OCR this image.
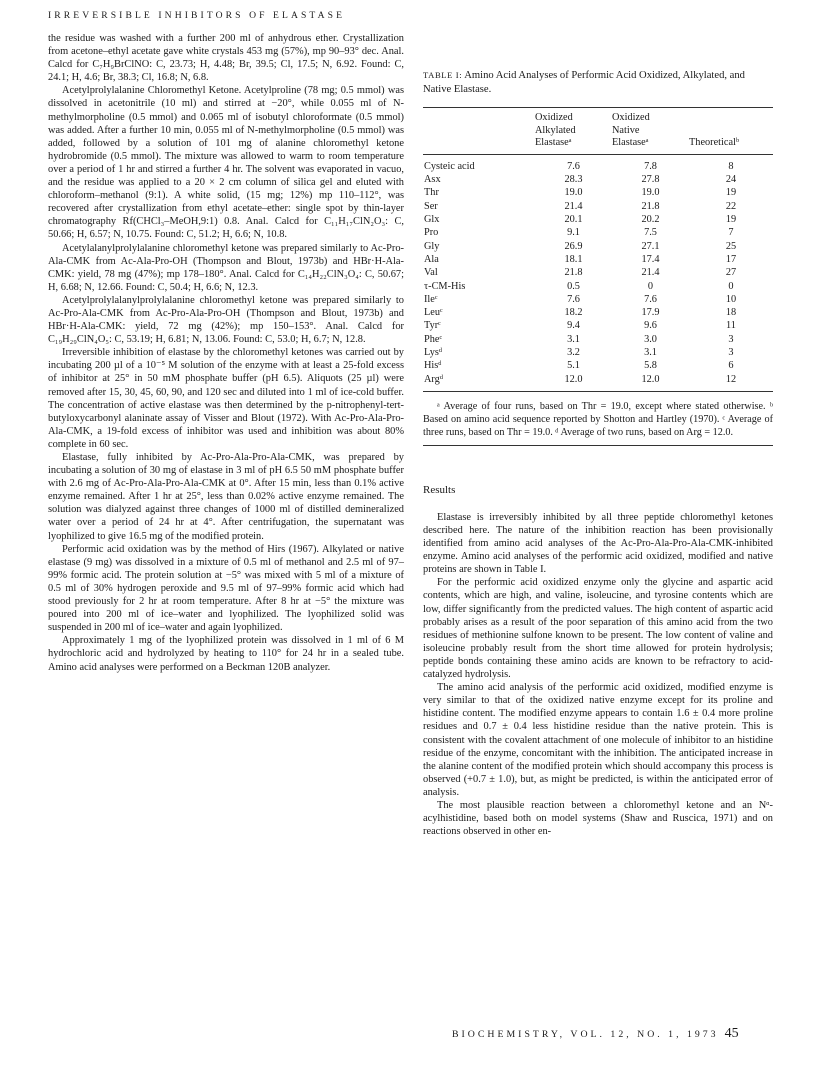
IRREVERSIBLE INHIBITORS OF ELASTASE

the residue was washed with a further 200 ml of anhydrous ether. Crystallization from acetone–ethyl acetate gave white crystals 453 mg (57%), mp 90–93° dec. Anal. Calcd for C₇H₉BrClNO: C, 23.73; H, 4.48; Br, 39.5; Cl, 17.5; N, 6.92. Found: C, 24.1; H, 4.6; Br, 38.3; Cl, 16.8; N, 6.8.

Acetylprolylalanine Chloromethyl Ketone. Acetylproline (78 mg; 0.5 mmol) was dissolved in acetonitrile (10 ml) and stirred at −20°, while 0.055 ml of N-methylmorpholine (0.5 mmol) and 0.065 ml of isobutyl chloroformate (0.5 mmol) was added. After a further 10 min, 0.055 ml of N-methylmorpholine (0.5 mmol) was added, followed by a solution of 101 mg of alanine chloromethyl ketone hydrobromide (0.5 mmol). The mixture was allowed to warm to room temperature over a period of 1 hr and stirred a further 4 hr. The solvent was evaporated in vacuo, and the residue was applied to a 20 × 2 cm column of silica gel and eluted with chloroform–methanol (9:1). A white solid, (15 mg; 12%) mp 110–112°, was recovered after crystallization from ethyl acetate–ether: single spot by thin-layer chromatography Rf(CHCl₃–MeOH,9:1) 0.8. Anal. Calcd for C₁₁H₁₇ClN₂O₃: C, 50.66; H, 6.57; N, 10.75. Found: C, 51.2; H, 6.6; N, 10.8.

Acetylalanylprolylalanine chloromethyl ketone was prepared similarly to Ac-Pro-Ala-CMK from Ac-Ala-Pro-OH (Thompson and Blout, 1973b) and HBr·H-Ala-CMK: yield, 78 mg (47%); mp 178–180°. Anal. Calcd for C₁₄H₂₂ClN₃O₄: C, 50.67; H, 6.68; N, 12.66. Found: C, 50.4; H, 6.6; N, 12.3.

Acetylprolylalanylprolylalanine chloromethyl ketone was prepared similarly to Ac-Pro-Ala-CMK from Ac-Pro-Ala-Pro-OH (Thompson and Blout, 1973b) and HBr·H-Ala-CMK: yield, 72 mg (42%); mp 150–153°. Anal. Calcd for C₁₉H₂₉ClN₄O₅: C, 53.19; H, 6.81; N, 13.06. Found: C, 53.0; H, 6.7; N, 12.8.

Irreversible inhibition of elastase by the chloromethyl ketones was carried out by incubating 200 µl of a 10⁻⁵ M solution of the enzyme with at least a 25-fold excess of inhibitor at 25° in 50 mM phosphate buffer (pH 6.5). Aliquots (25 µl) were removed after 15, 30, 45, 60, 90, and 120 sec and diluted into 1 ml of ice-cold buffer. The concentration of active elastase was then determined by the p-nitrophenyl-tert-butyloxycarbonyl alaninate assay of Visser and Blout (1972). With Ac-Pro-Ala-Pro-Ala-CMK, a 19-fold excess of inhibitor was used and inhibition was about 80% complete in 60 sec.

Elastase, fully inhibited by Ac-Pro-Ala-Pro-Ala-CMK, was prepared by incubating a solution of 30 mg of elastase in 3 ml of pH 6.5 50 mM phosphate buffer with 2.6 mg of Ac-Pro-Ala-Pro-Ala-CMK at 0°. After 15 min, less than 0.1% active enzyme remained. After 1 hr at 25°, less than 0.02% active enzyme remained. The solution was dialyzed against three changes of 1000 ml of distilled demineralized water over a period of 24 hr at 4°. After centrifugation, the supernatant was lyophilized to give 16.5 mg of the modified protein.

Performic acid oxidation was by the method of Hirs (1967). Alkylated or native elastase (9 mg) was dissolved in a mixture of 0.5 ml of methanol and 2.5 ml of 97–99% formic acid. The protein solution at −5° was mixed with 5 ml of a mixture of 0.5 ml of 30% hydrogen peroxide and 9.5 ml of 97–99% formic acid which had stood previously for 2 hr at room temperature. After 8 hr at −5° the mixture was poured into 200 ml of ice–water and lyophilized. The lyophilized solid was suspended in 200 ml of ice–water and again lyophilized.

Approximately 1 mg of the lyophilized protein was dissolved in 1 ml of 6 M hydrochloric acid and hydrolyzed by heating to 110° for 24 hr in a sealed tube. Amino acid analyses were performed on a Beckman 120B analyzer.

TABLE I: Amino Acid Analyses of Performic Acid Oxidized, Alkylated, and Native Elastase.
	Oxidized
Alkylated
Elastaseᵃ	Oxidized
Native
Elastaseᵃ	Theoreticalᵇ
Cysteic acid	7.6	7.8	8
Asx	28.3	27.8	24
Thr	19.0	19.0	19
Ser	21.4	21.8	22
Glx	20.1	20.2	19
Pro	9.1	7.5	7
Gly	26.9	27.1	25
Ala	18.1	17.4	17
Val	21.8	21.4	27
τ-CM-His	0.5	0	0
Ileᶜ	7.6	7.6	10
Leuᶜ	18.2	17.9	18
Tyrᶜ	9.4	9.6	11
Pheᶜ	3.1	3.0	3
Lysᵈ	3.2	3.1	3
Hisᵈ	5.1	5.8	6
Argᵈ	12.0	12.0	12
ᵃ Average of four runs, based on Thr = 19.0, except where stated otherwise. ᵇ Based on amino acid sequence reported by Shotton and Hartley (1970). ᶜ Average of three runs, based on Thr = 19.0. ᵈ Average of two runs, based on Arg = 12.0.
Results

Elastase is irreversibly inhibited by all three peptide chloromethyl ketones described here. The nature of the inhibition reaction has been provisionally identified from amino acid analyses of the Ac-Pro-Ala-Pro-Ala-CMK-inhibited enzyme. Amino acid analyses of the performic acid oxidized, modified and native proteins are shown in Table I.

For the performic acid oxidized enzyme only the glycine and aspartic acid contents, which are high, and valine, isoleucine, and tyrosine contents which are low, differ significantly from the predicted values. The high content of aspartic acid probably arises as a result of the poor separation of this amino acid from the two residues of methionine sulfone known to be present. The low content of valine and isoleucine probably result from the short time allowed for protein hydrolysis; peptide bonds containing these amino acids are known to be refractory to acid-catalyzed hydrolysis.

The amino acid analysis of the performic acid oxidized, modified enzyme is very similar to that of the oxidized native enzyme except for its proline and histidine content. The modified enzyme appears to contain 1.6 ± 0.4 more proline residues and 0.7 ± 0.4 less histidine residue than the native protein. This is consistent with the covalent attachment of one molecule of inhibitor to an histidine residue of the enzyme, concomitant with the inhibition. The anticipated increase in the alanine content of the modified protein which should accompany this process is observed (+0.7 ± 1.0), but, as might be predicted, is within the anticipated error of analysis.

The most plausible reaction between a chloromethyl ketone and an Nᵅ-acylhistidine, based both on model systems (Shaw and Ruscica, 1971) and on reactions observed in other en-

BIOCHEMISTRY, VOL. 12, NO. 1, 1973 45
